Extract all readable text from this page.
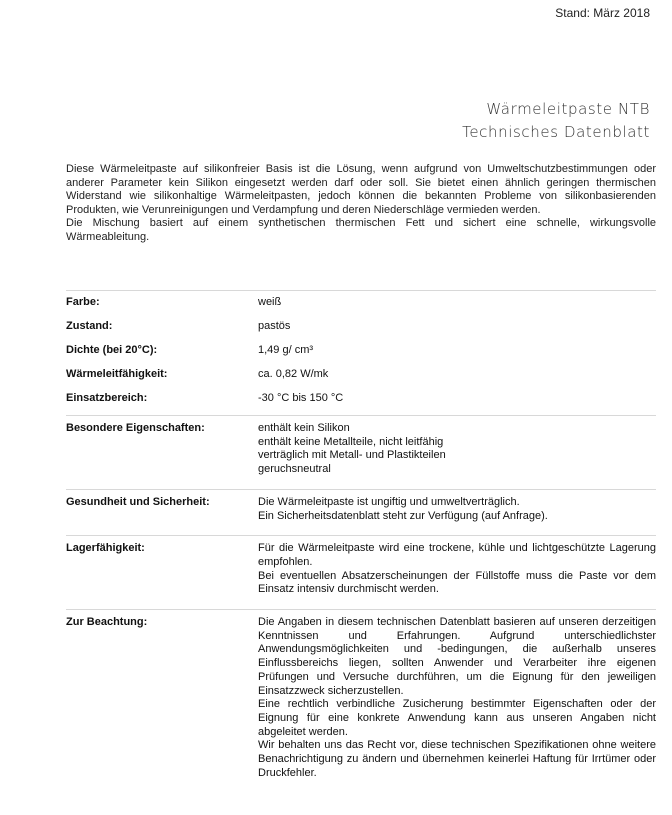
Stand: März 2018
Wärmeleitpaste NTB
Technisches Datenblatt

Diese Wärmeleitpaste auf silikonfreier Basis ist die Lösung, wenn aufgrund von Umweltschutzbestimmungen oder anderer Parameter kein Silikon eingesetzt werden darf oder soll. Sie bietet einen ähnlich geringen thermischen Widerstand wie silikonhaltige Wärmeleitpasten, jedoch können die bekannten Probleme von silikonbasierenden Produkten, wie Verunreinigungen und Verdampfung und deren Niederschläge vermieden werden.

Die Mischung basiert auf einem synthetischen thermischen Fett und sichert eine schnelle, wirkungsvolle Wärmeableitung.

Farbe:	weiß
Zustand:	pastös
Dichte (bei 20°C):	1,49 g/ cm³
Wärmeleitfähigkeit:	ca. 0,82 W/mk
Einsatzbereich:	-30 °C bis 150 °C
Besondere Eigenschaften:	enthält kein Silikon
enthält keine Metallteile, nicht leitfähig
verträglich mit Metall- und Plastikteilen
geruchsneutral
Gesundheit und Sicherheit:	Die Wärmeleitpaste ist ungiftig und umweltverträglich.
Ein Sicherheitsdatenblatt steht zur Verfügung (auf Anfrage).
Lagerfähigkeit:	Für die Wärmeleitpaste wird eine trockene, kühle und lichtgeschützte Lagerung empfohlen.
Bei eventuellen Absatzerscheinungen der Füllstoffe muss die Paste vor dem Einsatz intensiv durchmischt werden.
Zur Beachtung:	Die Angaben in diesem technischen Datenblatt basieren auf unseren derzeitigen Kenntnissen und Erfahrungen. Aufgrund unterschiedlichster Anwendungsmöglichkeiten und -bedingungen, die außerhalb unseres Einflussbereichs liegen, sollten Anwender und Verarbeiter ihre eigenen Prüfungen und Versuche durchführen, um die Eignung für den jeweiligen Einsatzzweck sicherzustellen.
Eine rechtlich verbindliche Zusicherung bestimmter Eigenschaften oder der Eignung für eine konkrete Anwendung kann aus unseren Angaben nicht abgeleitet werden.
Wir behalten uns das Recht vor, diese technischen Spezifikationen ohne weitere Benachrichtigung zu ändern und übernehmen keinerlei Haftung für Irrtümer oder Druckfehler.
